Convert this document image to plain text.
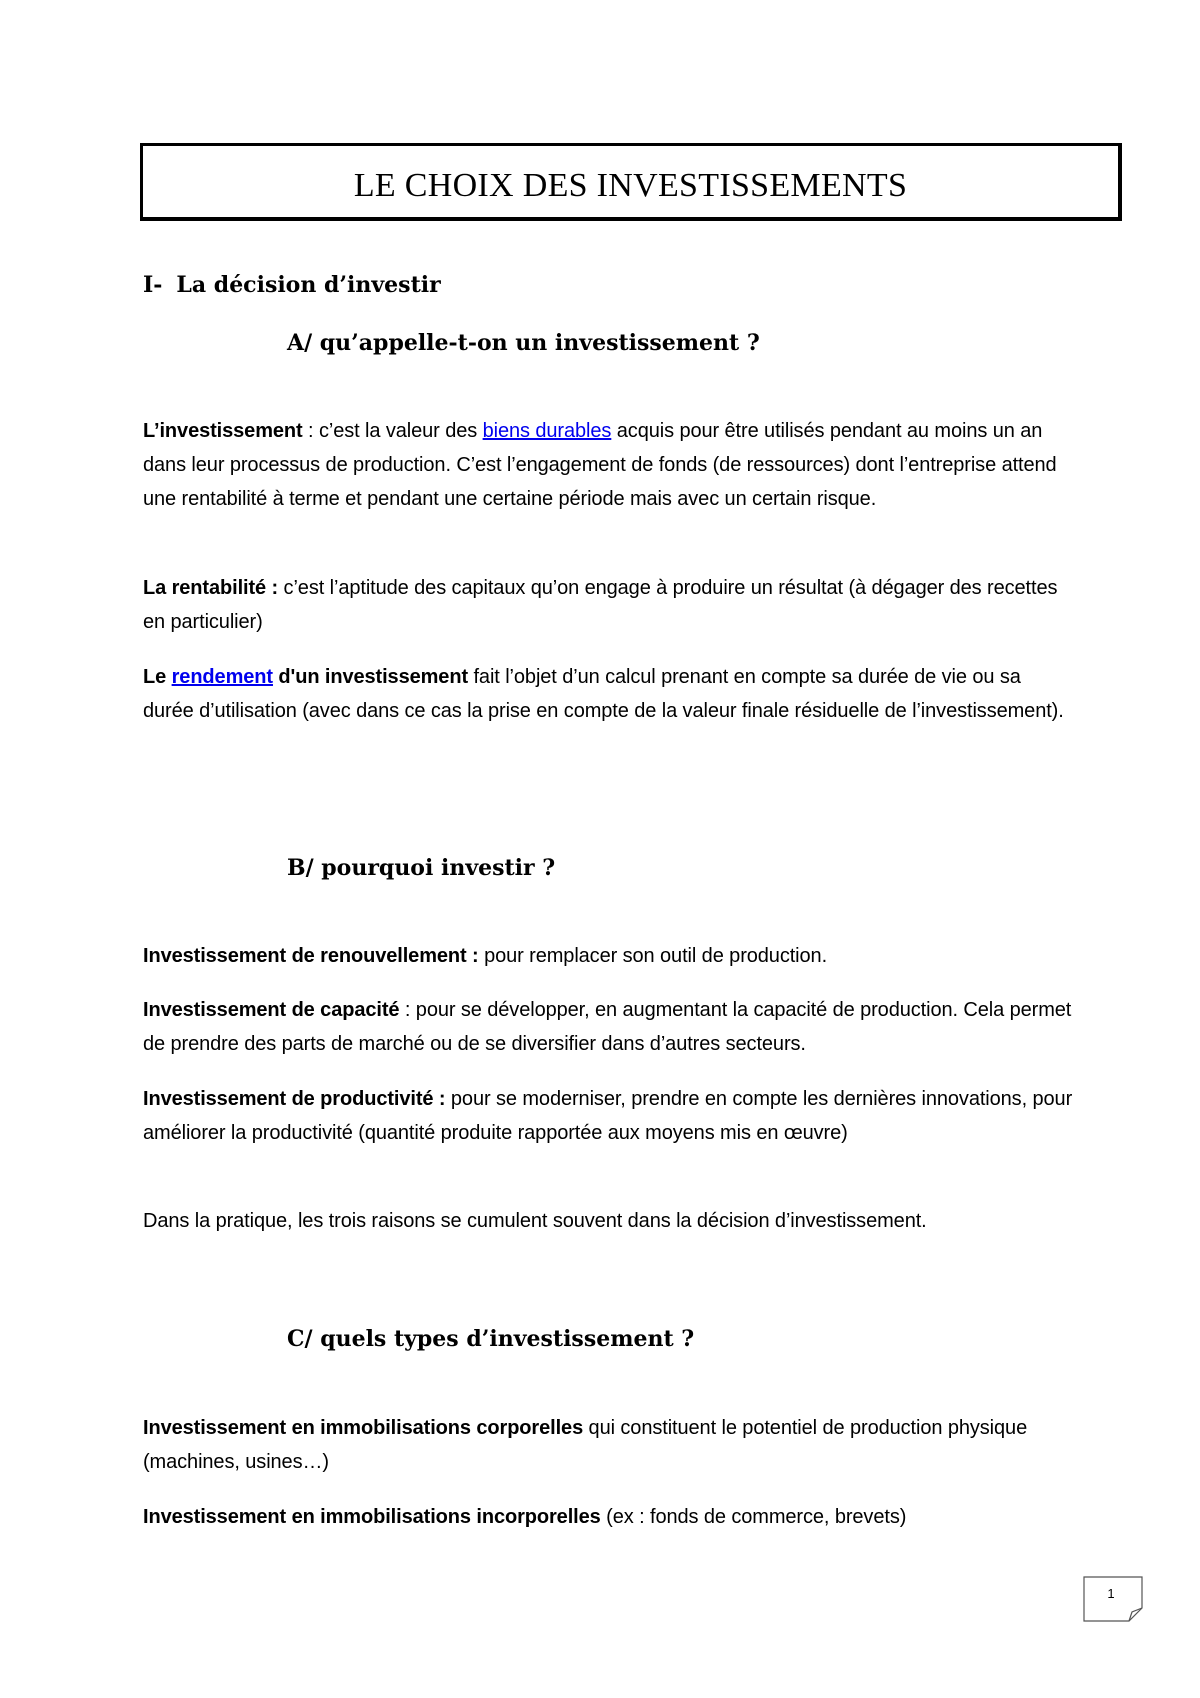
LE CHOIX DES INVESTISSEMENTS
I- La décision d’investir
A/ qu’appelle-t-on un investissement ?
L’investissement : c’est la valeur des biens durables acquis pour être utilisés pendant au moins un an dans leur processus de production. C’est l’engagement de fonds (de ressources) dont l’entreprise attend une rentabilité à terme et pendant une certaine période mais avec un certain risque.
La rentabilité : c’est l’aptitude des capitaux qu’on engage à produire un résultat (à dégager des recettes en particulier)
Le rendement d'un investissement fait l’objet d’un calcul prenant en compte sa durée de vie ou sa durée d’utilisation (avec dans ce cas la prise en compte de la valeur finale résiduelle de l’investissement).
B/ pourquoi investir ?
Investissement de renouvellement : pour remplacer son outil de production.
Investissement de capacité : pour se développer, en augmentant la capacité de production. Cela permet de prendre des parts de marché ou de se diversifier dans d’autres secteurs.
Investissement de productivité : pour se moderniser, prendre en compte les dernières innovations, pour améliorer la productivité (quantité produite rapportée aux moyens mis en œuvre)
Dans la pratique, les trois raisons se cumulent souvent dans la décision d’investissement.
C/ quels types d’investissement ?
Investissement en immobilisations corporelles qui constituent le potentiel de production physique (machines, usines…)
Investissement en immobilisations incorporelles (ex : fonds de commerce, brevets)
1
